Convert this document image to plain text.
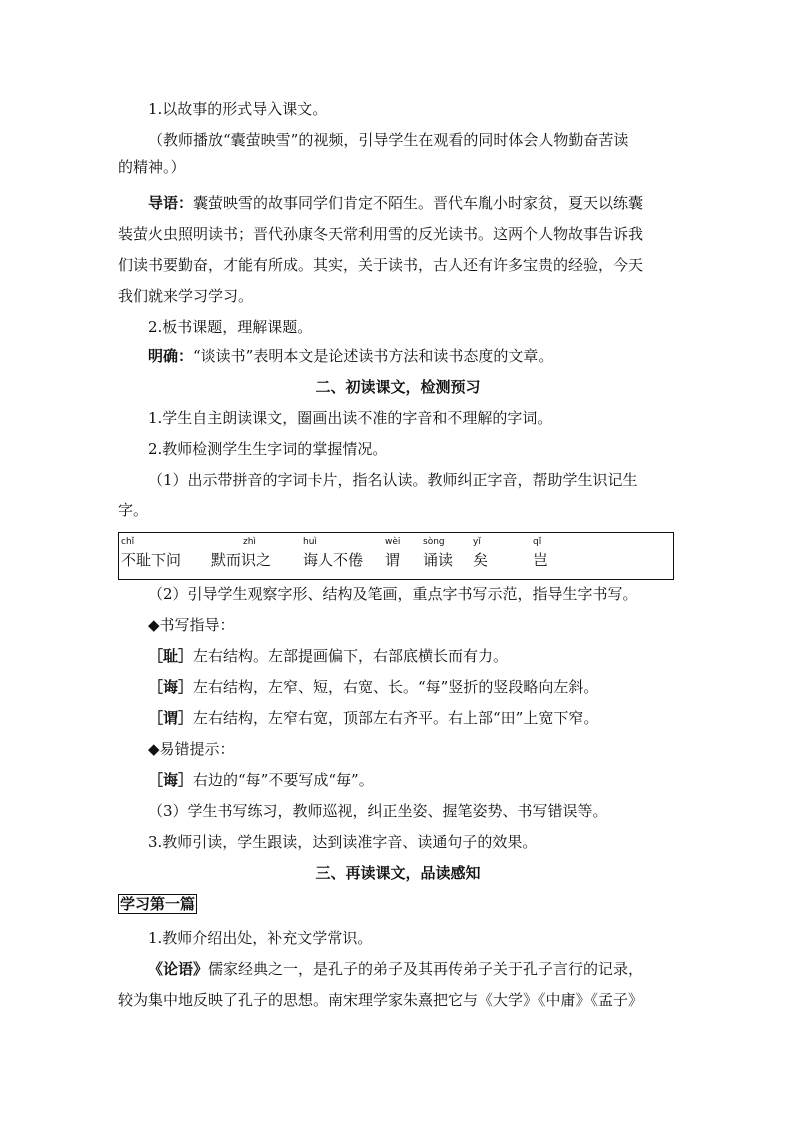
1.以故事的形式导入课文。
（教师播放“囊萤映雪”的视频，引导学生在观看的同时体会人物勤奋苦读
的精神。）
导语：囊萤映雪的故事同学们肯定不陌生。晋代车胤小时家贫，夏天以练囊
装萤火虫照明读书；晋代孙康冬天常利用雪的反光读书。这两个人物故事告诉我
们读书要勤奋，才能有所成。其实，关于读书，古人还有许多宝贵的经验，今天
我们就来学习学习。
2.板书课题，理解课题。
明确：“谈读书”表明本文是论述读书方法和读书态度的文章。
二、初读课文，检测预习
1.学生自主朗读课文，圈画出读不准的字音和不理解的字词。
2.教师检测学生生字词的掌握情况。
（1）出示带拼音的字词卡片，指名认读。教师纠正字音，帮助学生识记生
字。
chǐ
不耻下问
zhì
默而识之
huì
诲人不倦
wèi
谓
sòng
诵读
yǐ
矣
qǐ
岂
（2）引导学生观察字形、结构及笔画，重点字书写示范，指导生字书写。
◆书写指导：
［耻］左右结构。左部提画偏下，右部底横长而有力。
［诲］左右结构，左窄、短，右宽、长。“每”竖折的竖段略向左斜。
［谓］左右结构，左窄右宽，顶部左右齐平。右上部“田”上宽下窄。
◆易错提示：
［诲］右边的“每”不要写成“毎”。
（3）学生书写练习，教师巡视，纠正坐姿、握笔姿势、书写错误等。
3.教师引读，学生跟读，达到读准字音、读通句子的效果。
三、再读课文，品读感知
学习第一篇
1.教师介绍出处，补充文学常识。
《论语》儒家经典之一，是孔子的弟子及其再传弟子关于孔子言行的记录，
较为集中地反映了孔子的思想。南宋理学家朱熹把它与《大学》《中庸》《孟子》
